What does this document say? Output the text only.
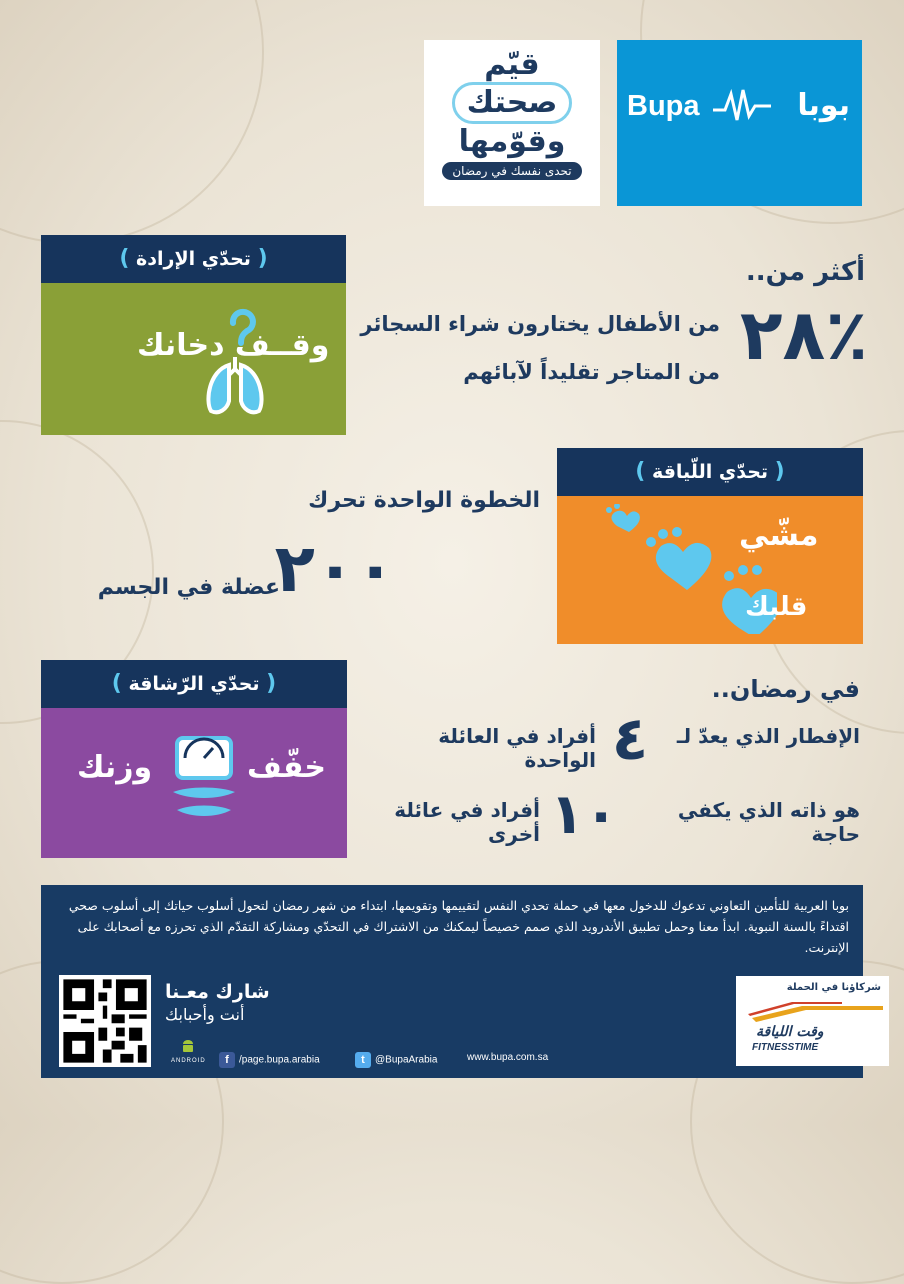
قيّم
صحتك
وقوّمها
تحدى نفسك في رمضان
Bupa	بوبا
( تحدّي الإرادة )
وقــف دخانك
أكثر من..
٪٢٨
من الأطفال يختارون شراء السجائر
من المتاجر تقليداً لآبائهم
( تحدّي اللّياقة )
مشّي
قلبك
الخطوة الواحدة تحرك
٢٠٠
عضلة في الجسم
( تحدّي الرّشاقة )
وزنك	خفّف
في رمضان..
الإفطار الذي يعدّ لـ
٤
أفراد في العائلة الواحدة
هو ذاته الذي يكفي حاجة
١٠
أفراد في عائلة أخرى
بوبا العربية للتأمين التعاوني تدعوك للدخول معها في حملة تحدي النفس لتقييمها وتقويمها، ابتداء من شهر رمضان لتحول أسلوب حياتك إلى أسلوب صحي اقتداءً بالسنة النبوية. ابدأ معنا وحمل تطبيق الأندرويد الذي صمم خصيصاً ليمكنك من الاشتراك في التحدّي ومشاركة التقدّم الذي تحرزه مع أصحابك على الإنترنت.
شارك معـنا
أنت وأحبابك
ANDROID	f /page.bupa.arabia	t @BupaArabia	www.bupa.com.sa
شركاؤنا في الحملة
وقت اللياقة
FITNESSTIME
